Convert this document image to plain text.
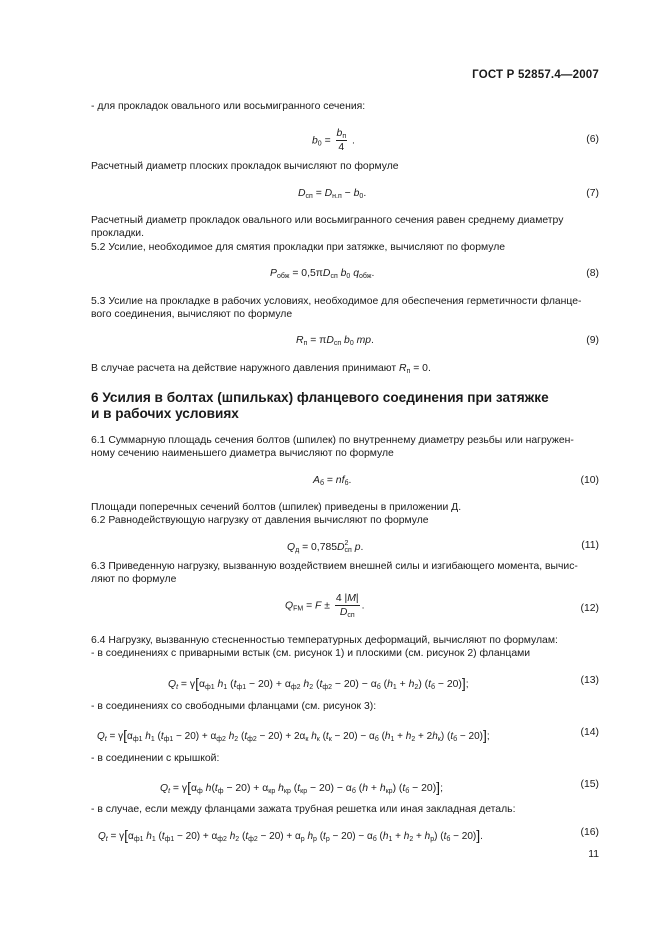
ГОСТ Р 52857.4—2007
- для прокладок овального или восьмигранного сечения:
$b_0 = \frac{b_п}{4}$ .	(6)
Расчетный диаметр плоских прокладок вычисляют по формуле
$D_{сп} = D_{н.п} - b_0$.	(7)
Расчетный диаметр прокладок овального или восьмигранного сечения равен среднему диаметру
прокладки.
5.2 Усилие, необходимое для смятия прокладки при затяжке, вычисляют по формуле
$P_{обж} = 0,5\pi D_{сп}$ $b_0$ $q_{обж}$.	(8)
5.3 Усилие на прокладке в рабочих условиях, необходимое для обеспечения герметичности фланце-
вого соединения, вычисляют по формуле
$R_п = \pi D_{сп}$ $b_0$ mp.	(9)
В случае расчета на действие наружного давления принимают $R_п = 0$.
6 Усилия в болтах (шпильках) фланцевого соединения при затяжке
и в рабочих условиях
6.1 Суммарную площадь сечения болтов (шпилек) по внутреннему диаметру резьбы или нагружен-
ному сечению наименьшего диаметра вычисляют по формуле
$A_б = nf_б$.	(10)
Площади поперечных сечений болтов (шпилек) приведены в приложении Д.
6.2 Равнодействующую нагрузку от давления вычисляют по формуле
$Q_д = 0,785D$ 2
сп p.	(11)
6.3 Приведенную нагрузку, вызванную воздействием внешней силы и изгибающего момента, вычис-
ляют по формуле
$Q_{FM} = F \pm \frac{4 |M|}{D_{сп}}$ .	(12)
6.4 Нагрузку, вызванную стесненностью температурных деформаций, вычисляют по формулам:
- в соединениях с приварными встык (см. рисунок 1) и плоскими (см. рисунок 2) фланцами
$Q_t = \gamma[\alpha_{ф1}$ $h_1$ $(t_{ф1} - 20) + \alpha_{ф2}$ $h_2$ $(t_{ф2} - 20) - \alpha_б$ $(h_1 + h_2) (t_б - 20)$];	(13)
- в соединениях со свободными фланцами (см. рисунок 3):
$Q_t = \gamma[\alpha_{ф1}$ $h_1$ $(t_{ф1} - 20) + \alpha_{ф2}$ $h_2$ $(t_{ф2} - 20) + 2\alpha_к$ $h_к$ $(t_к - 20) - \alpha_б$ $(h_1 + h_2 + 2h_к) (t_б - 20)$];	(14)
- в соединении с крышкой:
$Q_t = \gamma[\alpha_ф$ $h(t_ф - 20) + \alpha_{кр}$ $h_{кр}$ $(t_{кр} - 20) - \alpha_б$ $(h + h_{кр})$ $(t_б - 20)$];	(15)
- в случае, если между фланцами зажата трубная решетка или иная закладная деталь:
$Q_t = \gamma[\alpha_{ф1}$ $h_1$ $(t_{ф1} - 20) + \alpha_{ф2}$ $h_2$ $(t_{ф2} - 20) + \alpha_р$ $h_р$ $(t_р - 20) - \alpha_б$ $(h_1 + h_2 + h_р) (t_б - 20)$].	(16)
11
